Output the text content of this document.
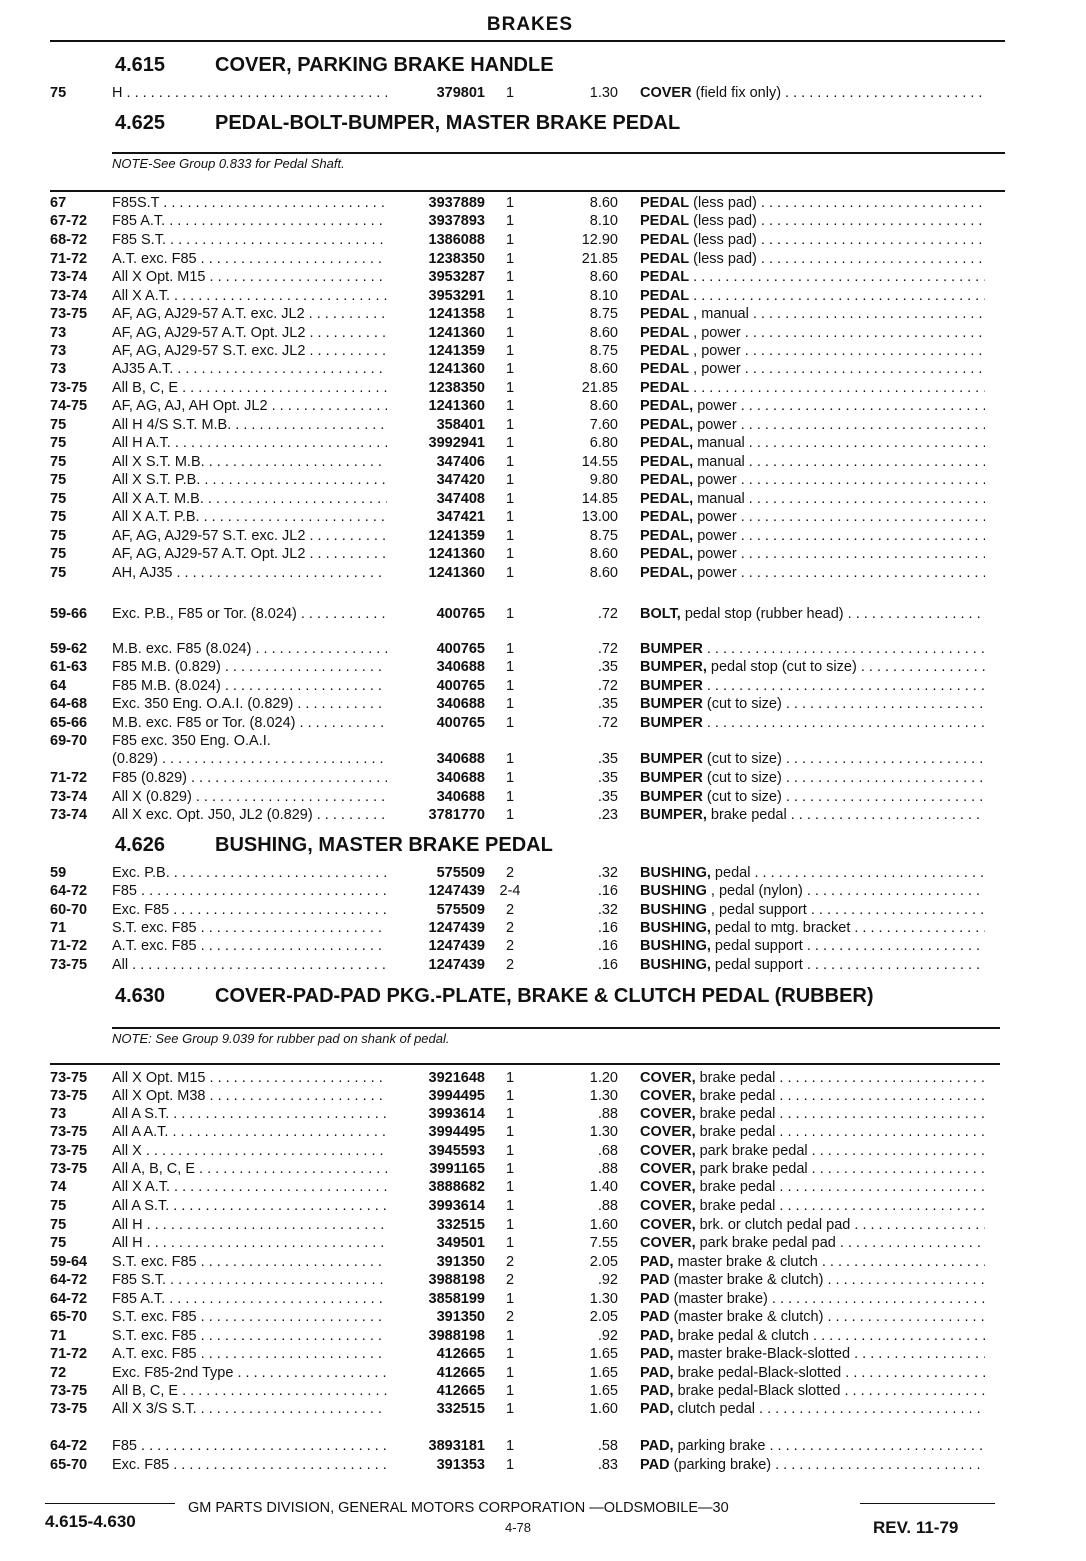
BRAKES
4.615 COVER, PARKING BRAKE HANDLE
75	H . . .	379801	1	1.30 COVER (field fix only) . . .
4.625 PEDAL-BOLT-BUMPER, MASTER BRAKE PEDAL
NOTE-See Group 0.833 for Pedal Shaft.
4.626 BUSHING, MASTER BRAKE PEDAL
4.630 COVER-PAD-PAD PKG.-PLATE, BRAKE & CLUTCH PEDAL (RUBBER)
NOTE: See Group 9.039 for rubber pad on shank of pedal.
67	F85S.T . . .	3937889	1	8.60 PEDAL (less pad) . . .
67-72	F85 A.T. . . .	3937893	1	8.10 PEDAL (less pad) . . .
68-72	F85 S.T. . . .	1386088	1	12.90 PEDAL (less pad) . . .
71-72	A.T. exc. F85 . . .	1238350	1	21.85 PEDAL (less pad) . . .
73-74	All X Opt. M15 . . .	3953287	1	8.60 PEDAL . . .
73-74	All X A.T. . . .	3953291	1	8.10 PEDAL . . .
73-75	AF, AG, AJ29-57 A.T. exc. JL2 . . .	1241358	1	8.75 PEDAL , manual . . .
73	AF, AG, AJ29-57 A.T. Opt. JL2 . . .	1241360	1	8.60 PEDAL , power . . .
73	AF, AG, AJ29-57 S.T. exc. JL2 . . .	1241359	1	8.75 PEDAL , power . . .
73	AJ35 A.T. . . .	1241360	1	8.60 PEDAL , power . . .
73-75	All B, C, E . . .	1238350	1	21.85 PEDAL . . .
74-75	AF, AG, AJ, AH Opt. JL2 . . .	1241360	1	8.60 PEDAL, power . . .
75	All H 4/S S.T. M.B. . . .	358401	1	7.60 PEDAL, power . . .
75	All H A.T. . . .	3992941	1	6.80 PEDAL, manual . . .
75	All X S.T. M.B. . . .	347406	1	14.55 PEDAL, manual . . .
75	All X S.T. P.B. . . .	347420	1	9.80 PEDAL, power . . .
75	All X A.T. M.B. . . .	347408	1	14.85 PEDAL, manual . . .
75	All X A.T. P.B. . . .	347421	1	13.00 PEDAL, power . . .
75	AF, AG, AJ29-57 S.T. exc. JL2 . . .	1241359	1	8.75 PEDAL, power . . .
75	AF, AG, AJ29-57 A.T. Opt. JL2 . . .	1241360	1	8.60 PEDAL, power . . .
75	AH, AJ35 . . .	1241360	1	8.60 PEDAL, power . . .
59-66	Exc. P.B., F85 or Tor. (8.024) . . .	400765	1	.72 BOLT, pedal stop (rubber head) . . .
59-62	M.B. exc. F85 (8.024) . . .	400765	1	.72 BUMPER . . .
61-63	F85 M.B. (0.829) . . .	340688	1	.35 BUMPER, pedal stop (cut to size) . . .
64	F85 M.B. (8.024) . . .	400765	1	.72 BUMPER . . .
64-68	Exc. 350 Eng. O.A.I. (0.829) . . .	340688	1	.35 BUMPER (cut to size) . . .
65-66	M.B. exc. F85 or Tor. (8.024) . . .	400765	1	.72 BUMPER . . .
69-70	F85 exc. 350 Eng. O.A.I.
(0.829) . . .	340688	1	.35 BUMPER (cut to size) . . .
71-72	F85 (0.829) . . .	340688	1	.35 BUMPER (cut to size) . . .
73-74	All X (0.829) . . .	340688	1	.35 BUMPER (cut to size) . . .
73-74	All X exc. Opt. J50, JL2 (0.829) . . .	3781770	1	.23 BUMPER, brake pedal . . .
59	Exc. P.B. . . .	575509	2	.32 BUSHING, pedal . . .
64-72	F85 . . .	1247439	2-4	.16 BUSHING , pedal (nylon) . . .
60-70	Exc. F85 . . .	575509	2	.32 BUSHING , pedal support . . .
71	S.T. exc. F85 . . .	1247439	2	.16 BUSHING, pedal to mtg. bracket . . .
71-72	A.T. exc. F85 . . .	1247439	2	.16 BUSHING, pedal support . . .
73-75	All . . .	1247439	2	.16 BUSHING, pedal support . . .
73-75	All X Opt. M15 . . .	3921648	1	1.20 COVER, brake pedal . . .
73-75	All X Opt. M38 . . .	3994495	1	1.30 COVER, brake pedal . . .
73	All A S.T. . . .	3993614	1	.88 COVER, brake pedal . . .
73-75	All A A.T. . . .	3994495	1	1.30 COVER, brake pedal . . .
73-75	All X . . .	3945593	1	.68 COVER, park brake pedal . . .
73-75	All A, B, C, E . . .	3991165	1	.88 COVER, park brake pedal . . .
74	All X A.T. . . .	3888682	1	1.40 COVER, brake pedal . . .
75	All A S.T. . . .	3993614	1	.88 COVER, brake pedal . . .
75	All H . . .	332515	1	1.60 COVER, brk. or clutch pedal pad . . .
75	All H . . .	349501	1	7.55 COVER, park brake pedal pad . . .
59-64	S.T. exc. F85 . . .	391350	2	2.05 PAD, master brake & clutch . . .
64-72	F85 S.T. . . .	3988198	2	.92 PAD (master brake & clutch) . . .
64-72	F85 A.T. . . .	3858199	1	1.30 PAD (master brake) . . .
65-70	S.T. exc. F85 . . .	391350	2	2.05 PAD (master brake & clutch) . . .
71	S.T. exc. F85 . . .	3988198	1	.92 PAD, brake pedal & clutch . . .
71-72	A.T. exc. F85 . . .	412665	1	1.65 PAD, master brake-Black-slotted . . .
72	Exc. F85-2nd Type . . .	412665	1	1.65 PAD, brake pedal-Black-slotted . . .
73-75	All B, C, E . . .	412665	1	1.65 PAD, brake pedal-Black slotted . . .
73-75	All X 3/S S.T. . . .	332515	1	1.60 PAD, clutch pedal . . .
64-72	F85 . . .	3893181	1	.58 PAD, parking brake . . .
65-70	Exc. F85 . . .	391353	1	.83 PAD (parking brake) . . .
GM PARTS DIVISION, GENERAL MOTORS CORPORATION —OLDSMOBILE—30
4.615-4.630	4-78	REV. 11-79
